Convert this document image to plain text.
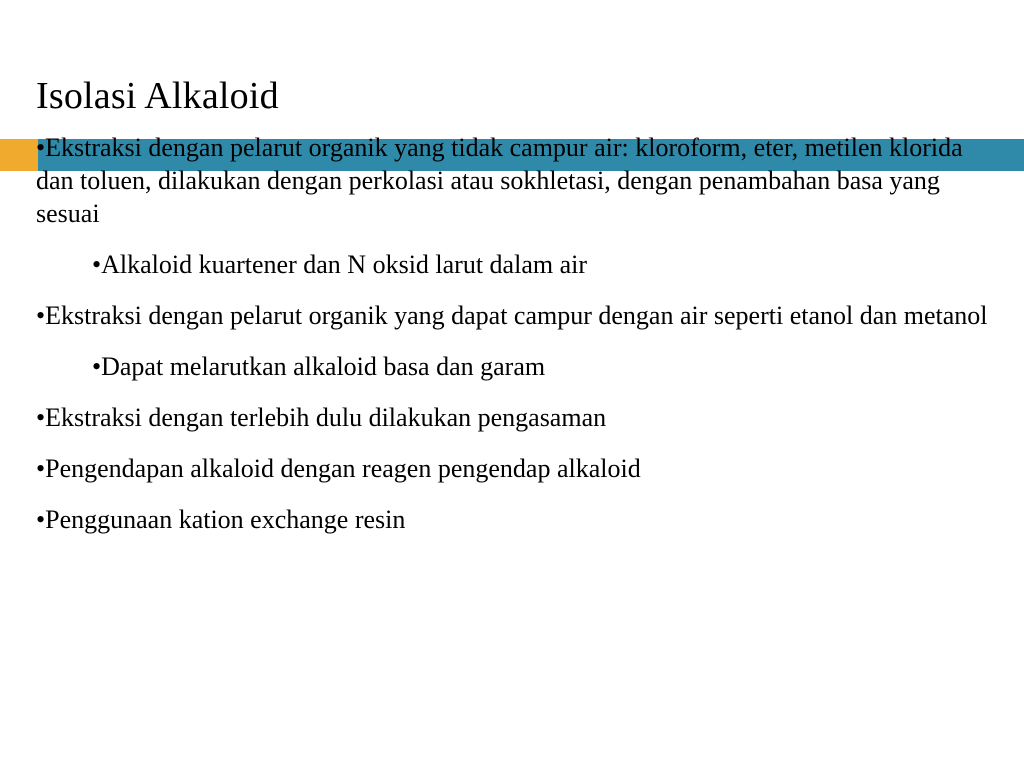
Isolasi Alkaloid

•Ekstraksi dengan pelarut organik yang tidak campur air: kloroform, eter, metilen klorida dan toluen, dilakukan dengan perkolasi atau sokhletasi, dengan penambahan basa yang sesuai

•Alkaloid kuartener dan N oksid larut dalam air

•Ekstraksi dengan pelarut organik yang dapat campur dengan air seperti etanol dan metanol

•Dapat melarutkan alkaloid basa dan garam

•Ekstraksi dengan terlebih dulu dilakukan pengasaman

•Pengendapan alkaloid dengan reagen pengendap alkaloid

•Penggunaan kation exchange resin
